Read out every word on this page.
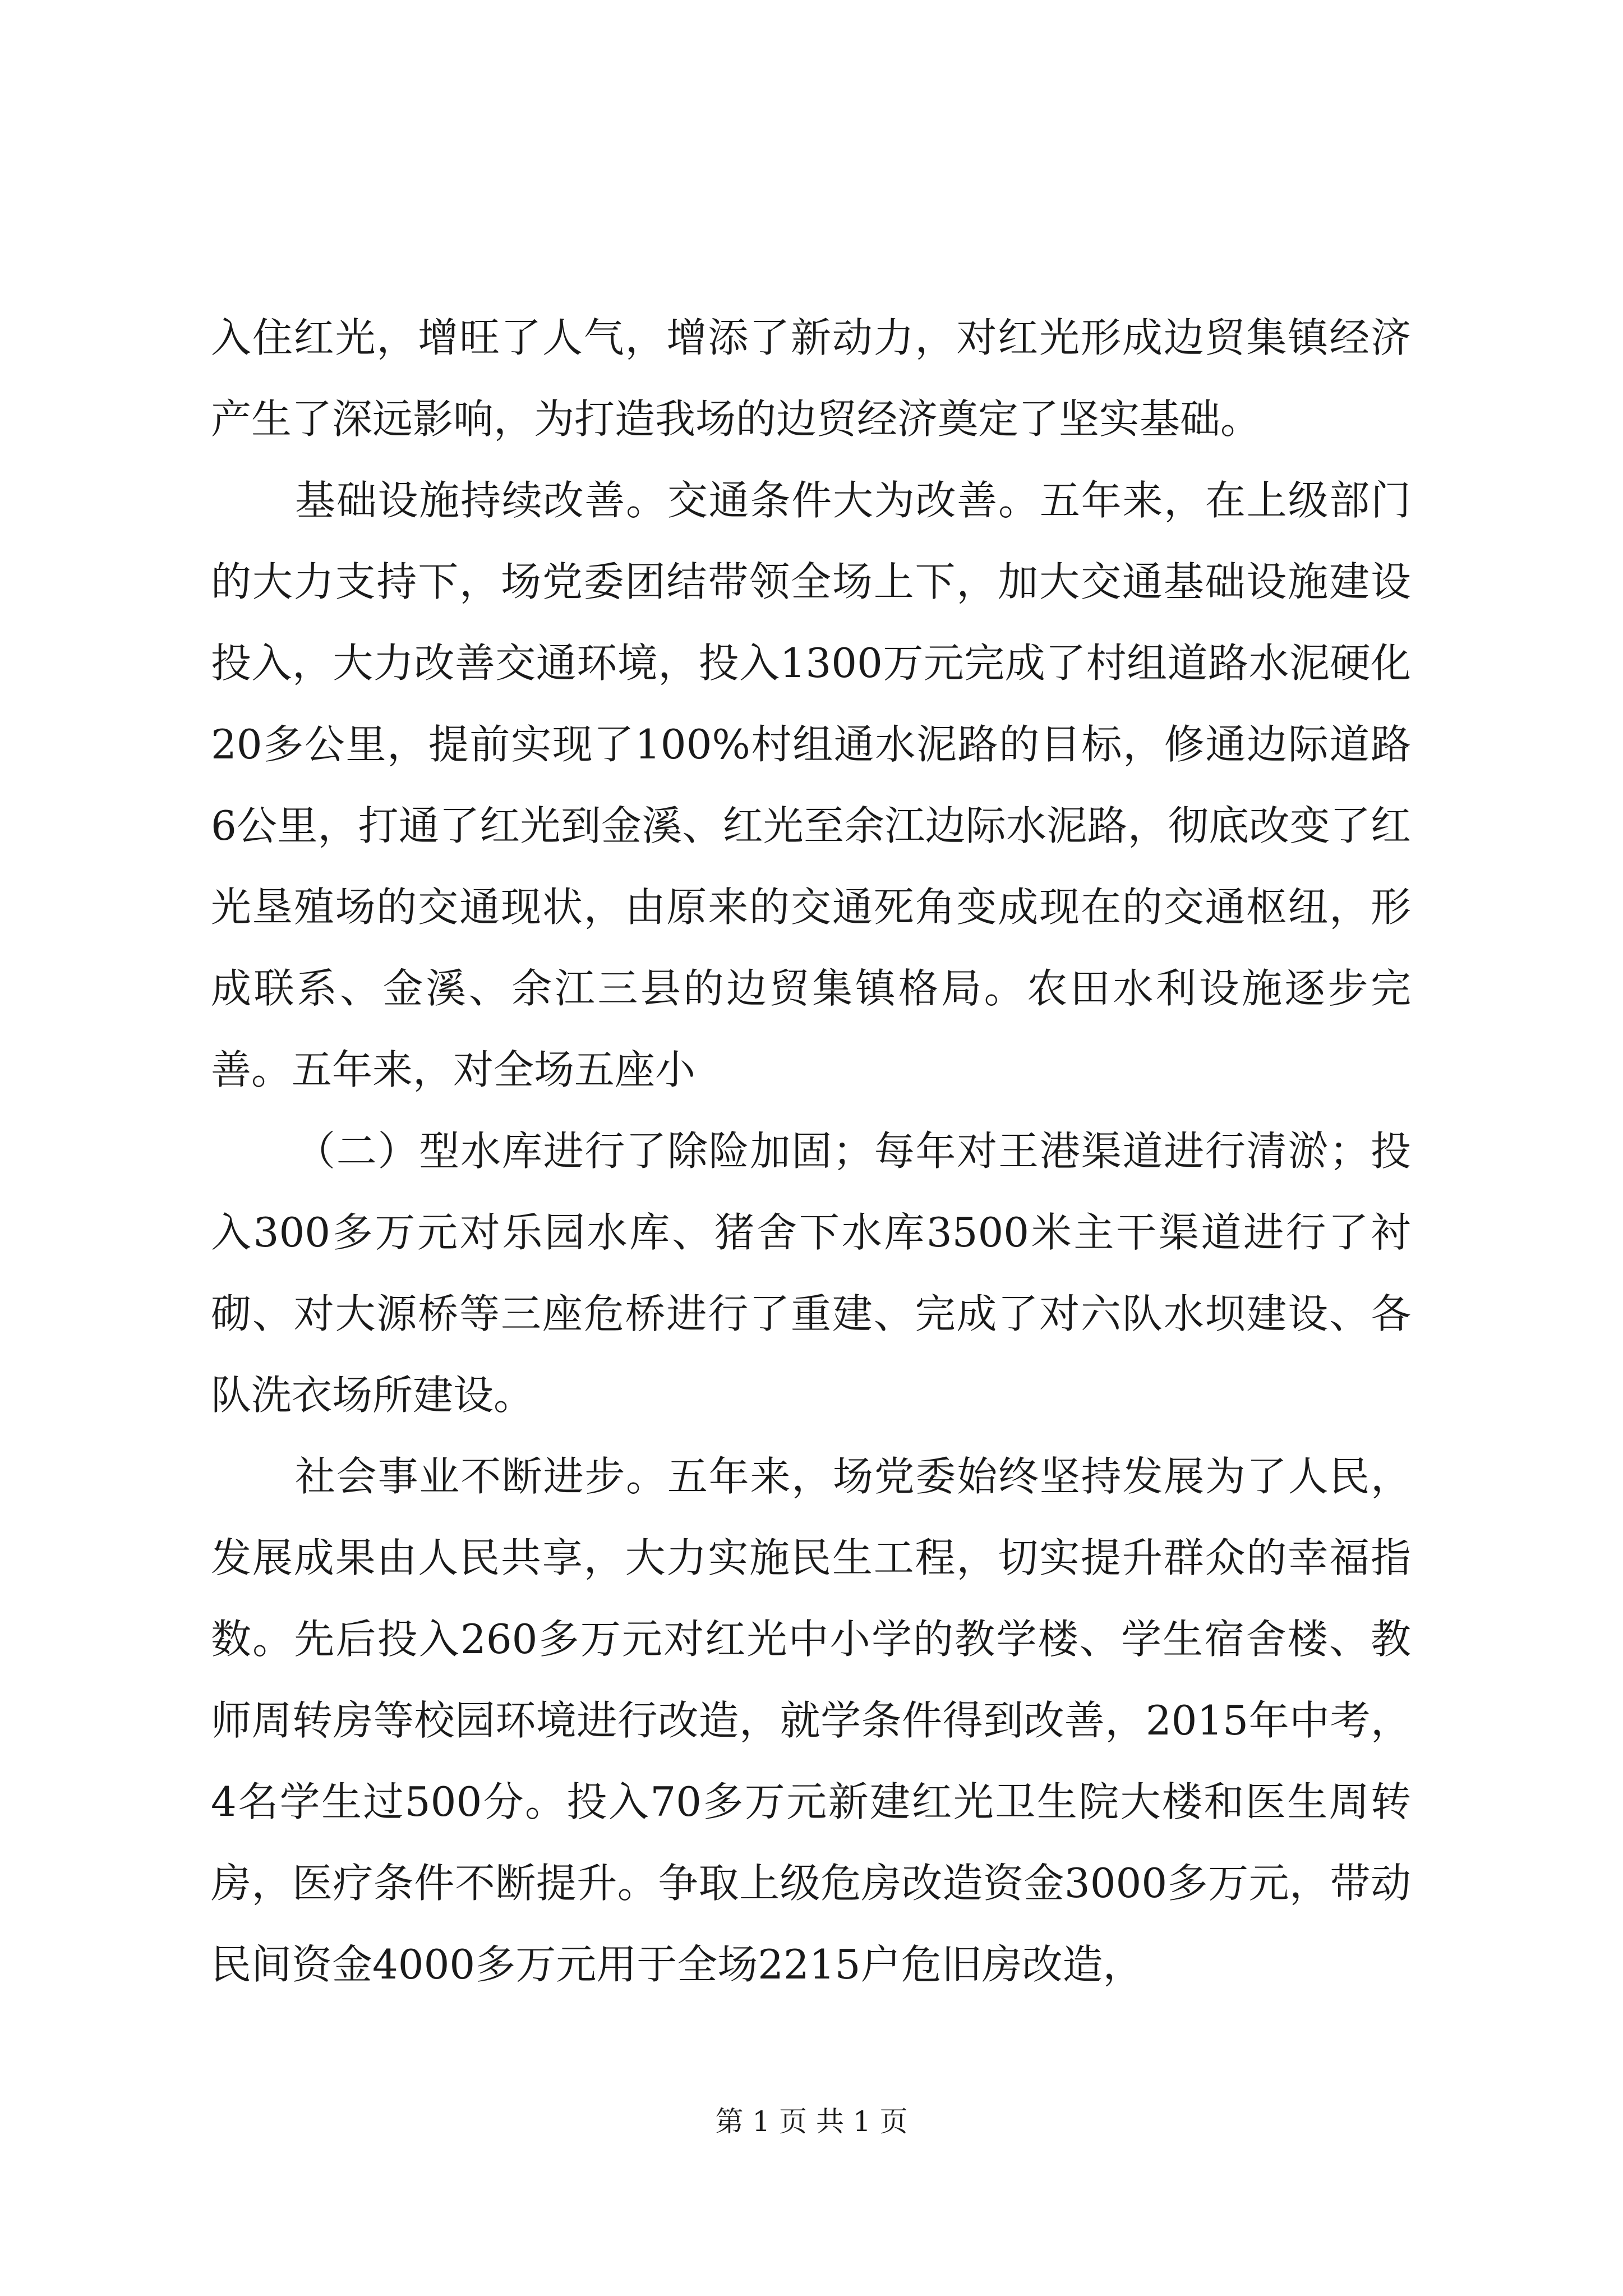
入住红光，增旺了人气，增添了新动力，对红光形成边贸集镇经济产生了深远影响，为打造我场的边贸经济奠定了坚实基础。

基础设施持续改善。交通条件大为改善。五年来，在上级部门的大力支持下，场党委团结带领全场上下，加大交通基础设施建设投入，大力改善交通环境，投入1300万元完成了村组道路水泥硬化20多公里，提前实现了100%村组通水泥路的目标，修通边际道路6公里，打通了红光到金溪、红光至余江边际水泥路，彻底改变了红光垦殖场的交通现状，由原来的交通死角变成现在的交通枢纽，形成联系、金溪、余江三县的边贸集镇格局。农田水利设施逐步完善。五年来，对全场五座小

（二）型水库进行了除险加固；每年对王港渠道进行清淤；投入300多万元对乐园水库、猪舍下水库3500米主干渠道进行了衬砌、对大源桥等三座危桥进行了重建、完成了对六队水坝建设、各队洗衣场所建设。

社会事业不断进步。五年来，场党委始终坚持发展为了人民，发展成果由人民共享，大力实施民生工程，切实提升群众的幸福指数。先后投入260多万元对红光中小学的教学楼、学生宿舍楼、教师周转房等校园环境进行改造，就学条件得到改善，2015年中考，4名学生过500分。投入70多万元新建红光卫生院大楼和医生周转房，医疗条件不断提升。争取上级危房改造资金3000多万元，带动民间资金4000多万元用于全场2215户危旧房改造，

第 1 页 共 1 页
